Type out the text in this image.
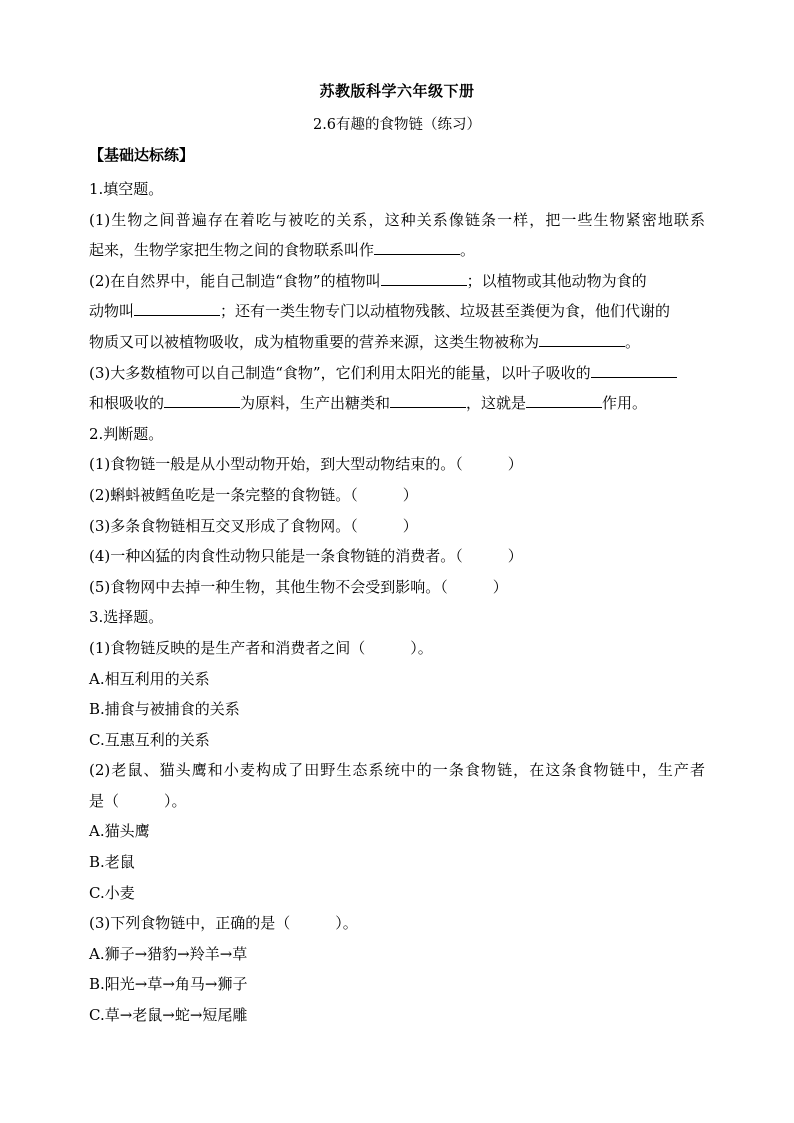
苏教版科学六年级下册
2.6有趣的食物链（练习）
【基础达标练】
1.填空题。
(1)生物之间普遍存在着吃与被吃的关系，这种关系像链条一样，把一些生物紧密地联系
起来，生物学家把生物之间的食物联系叫作	。
(2)在自然界中，能自己制造“食物”的植物叫	；以植物或其他动物为食的
动物叫	；还有一类生物专门以动植物残骸、垃圾甚至粪便为食，他们代谢的
物质又可以被植物吸收，成为植物重要的营养来源，这类生物被称为	。
(3)大多数植物可以自己制造“食物”，它们利用太阳光的能量，以叶子吸收的
和根吸收的	为原料，生产出糖类和	，这就是	作用。
2.判断题。
(1)食物链一般是从小型动物开始，到大型动物结束的。（　　　）
(2)蝌蚪被鳕鱼吃是一条完整的食物链。（　　　）
(3)多条食物链相互交叉形成了食物网。（　　　）
(4)一种凶猛的肉食性动物只能是一条食物链的消费者。（　　　）
(5)食物网中去掉一种生物，其他生物不会受到影响。（　　　）
3.选择题。
(1)食物链反映的是生产者和消费者之间（　　　）。
A.相互利用的关系
B.捕食与被捕食的关系
C.互惠互利的关系
(2)老鼠、猫头鹰和小麦构成了田野生态系统中的一条食物链，在这条食物链中，生产者
是（　　　）。
A.猫头鹰
B.老鼠
C.小麦
(3)下列食物链中，正确的是（　　　）。
A.狮子→猎豹→羚羊→草
B.阳光→草→角马→狮子
C.草→老鼠→蛇→短尾雕
